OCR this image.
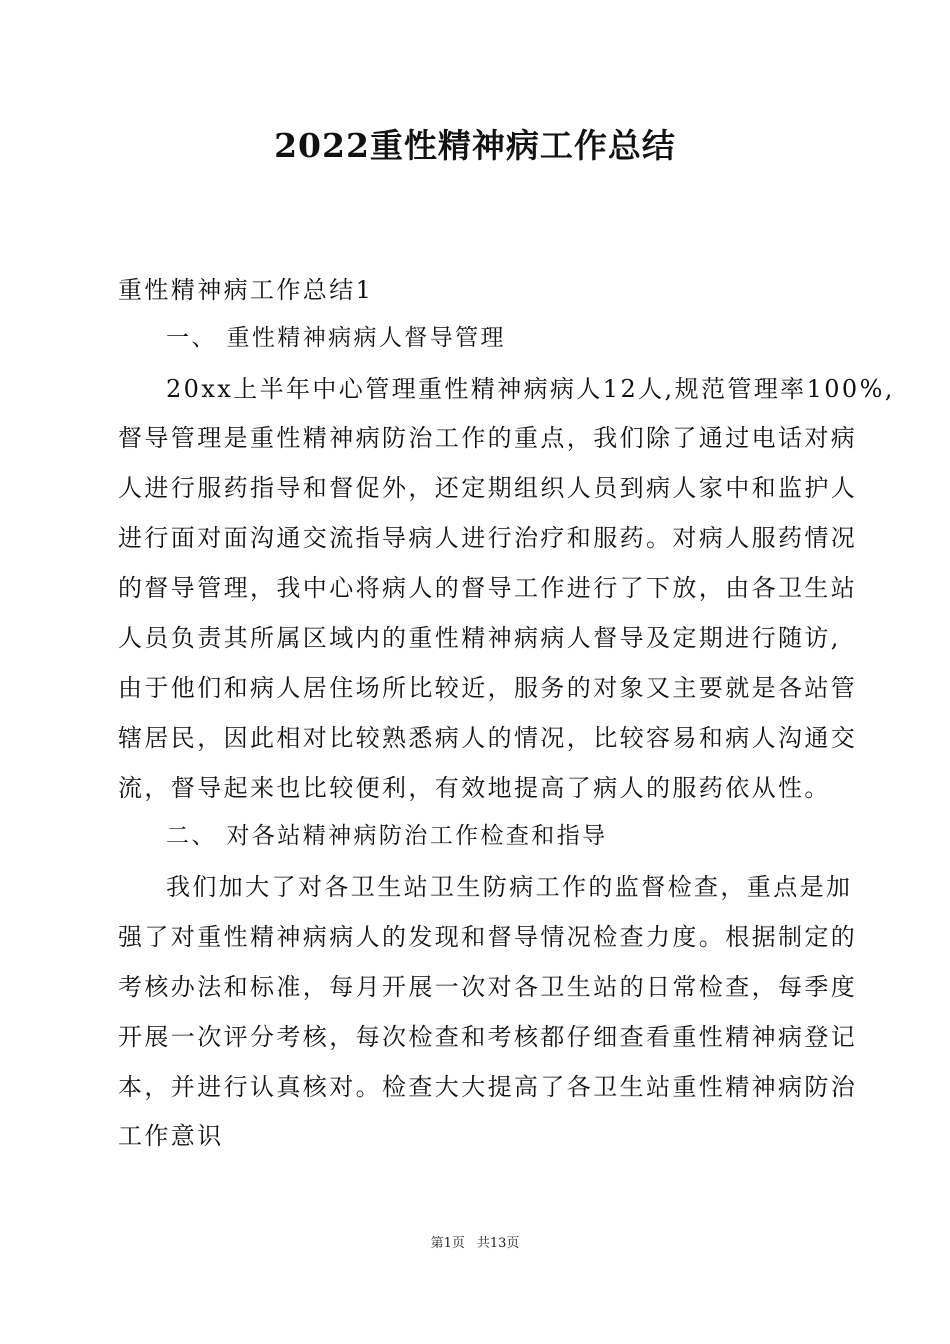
2022重性精神病工作总结
重性精神病工作总结1
一、 重性精神病病人督导管理
20xx上半年中心管理重性精神病病人12人,规范管理率100%,
督导管理是重性精神病防治工作的重点，我们除了通过电话对病
人进行服药指导和督促外，还定期组织人员到病人家中和监护人
进行面对面沟通交流指导病人进行治疗和服药。对病人服药情况
的督导管理，我中心将病人的督导工作进行了下放，由各卫生站
人员负责其所属区域内的重性精神病病人督导及定期进行随访,
由于他们和病人居住场所比较近，服务的对象又主要就是各站管
辖居民，因此相对比较熟悉病人的情况，比较容易和病人沟通交
流，督导起来也比较便利，有效地提高了病人的服药依从性。
二、 对各站精神病防治工作检查和指导
我们加大了对各卫生站卫生防病工作的监督检查，重点是加
强了对重性精神病病人的发现和督导情况检查力度。根据制定的
考核办法和标准，每月开展一次对各卫生站的日常检查，每季度
开展一次评分考核，每次检查和考核都仔细查看重性精神病登记
本，并进行认真核对。检查大大提高了各卫生站重性精神病防治
工作意识
第1页 共13页
